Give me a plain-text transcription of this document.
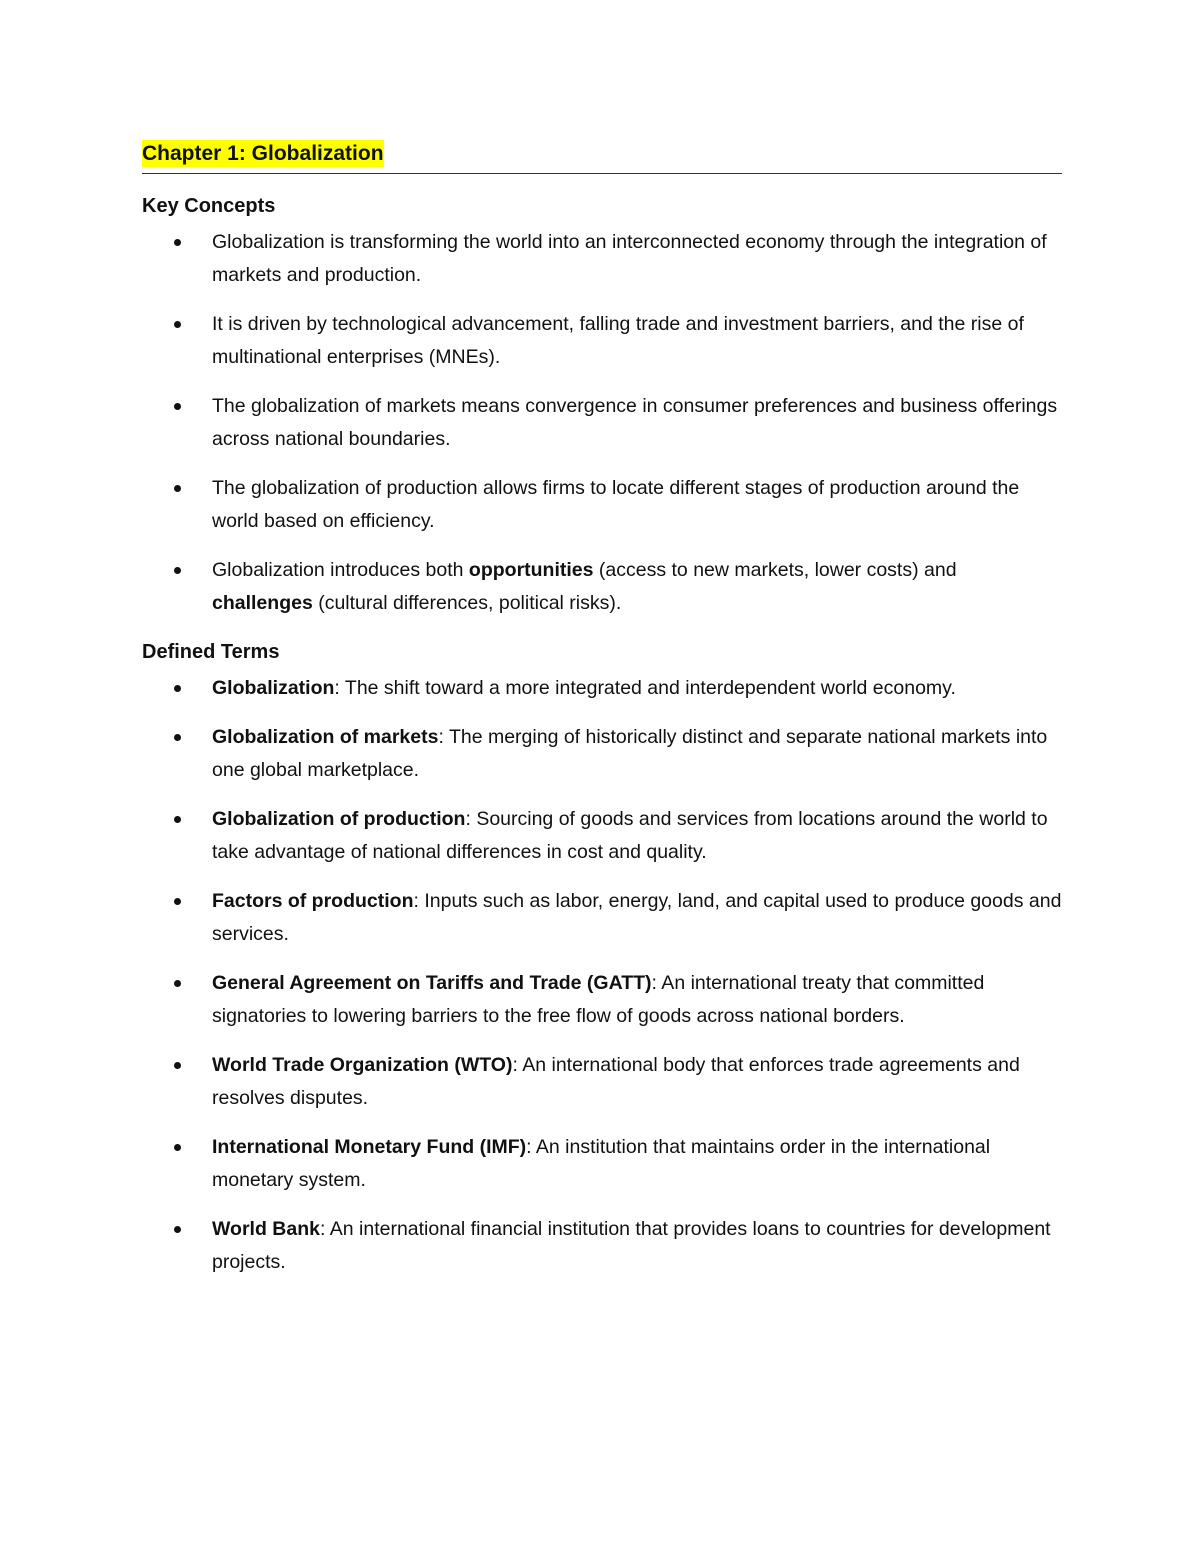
Chapter 1: Globalization
Key Concepts
Globalization is transforming the world into an interconnected economy through the integration of markets and production.
It is driven by technological advancement, falling trade and investment barriers, and the rise of multinational enterprises (MNEs).
The globalization of markets means convergence in consumer preferences and business offerings across national boundaries.
The globalization of production allows firms to locate different stages of production around the world based on efficiency.
Globalization introduces both opportunities (access to new markets, lower costs) and challenges (cultural differences, political risks).
Defined Terms
Globalization: The shift toward a more integrated and interdependent world economy.
Globalization of markets: The merging of historically distinct and separate national markets into one global marketplace.
Globalization of production: Sourcing of goods and services from locations around the world to take advantage of national differences in cost and quality.
Factors of production: Inputs such as labor, energy, land, and capital used to produce goods and services.
General Agreement on Tariffs and Trade (GATT): An international treaty that committed signatories to lowering barriers to the free flow of goods across national borders.
World Trade Organization (WTO): An international body that enforces trade agreements and resolves disputes.
International Monetary Fund (IMF): An institution that maintains order in the international monetary system.
World Bank: An international financial institution that provides loans to countries for development projects.
